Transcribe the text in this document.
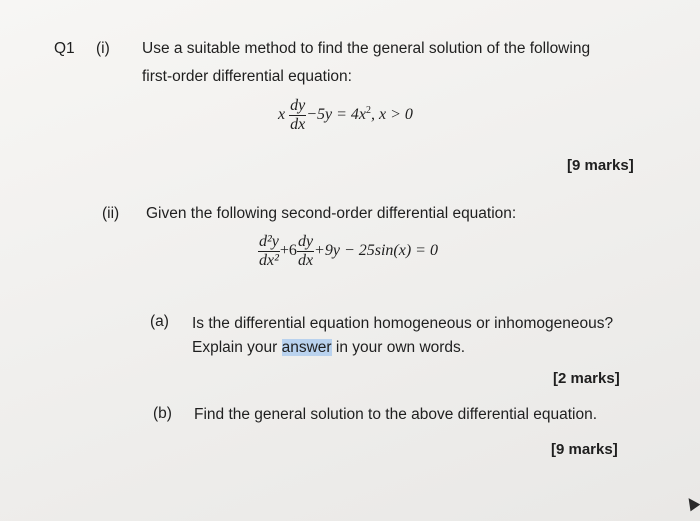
Q1 (i) Use a suitable method to find the general solution of the following
first-order differential equation:
x $\frac{dy}{dx} -5y = 4x^2$, x > 0
[9 marks]
(ii) Given the following second-order differential equation:
$\frac{\text{d²y}}{\text{dx²}} +6 \frac{dy}{dx} +9y - 25\sin(x) = 0$
(a) Is the differential equation homogeneous or inhomogeneous?
Explain your answer in your own words.
[2 marks]
(b) Find the general solution to the above differential equation.
[9 marks]
